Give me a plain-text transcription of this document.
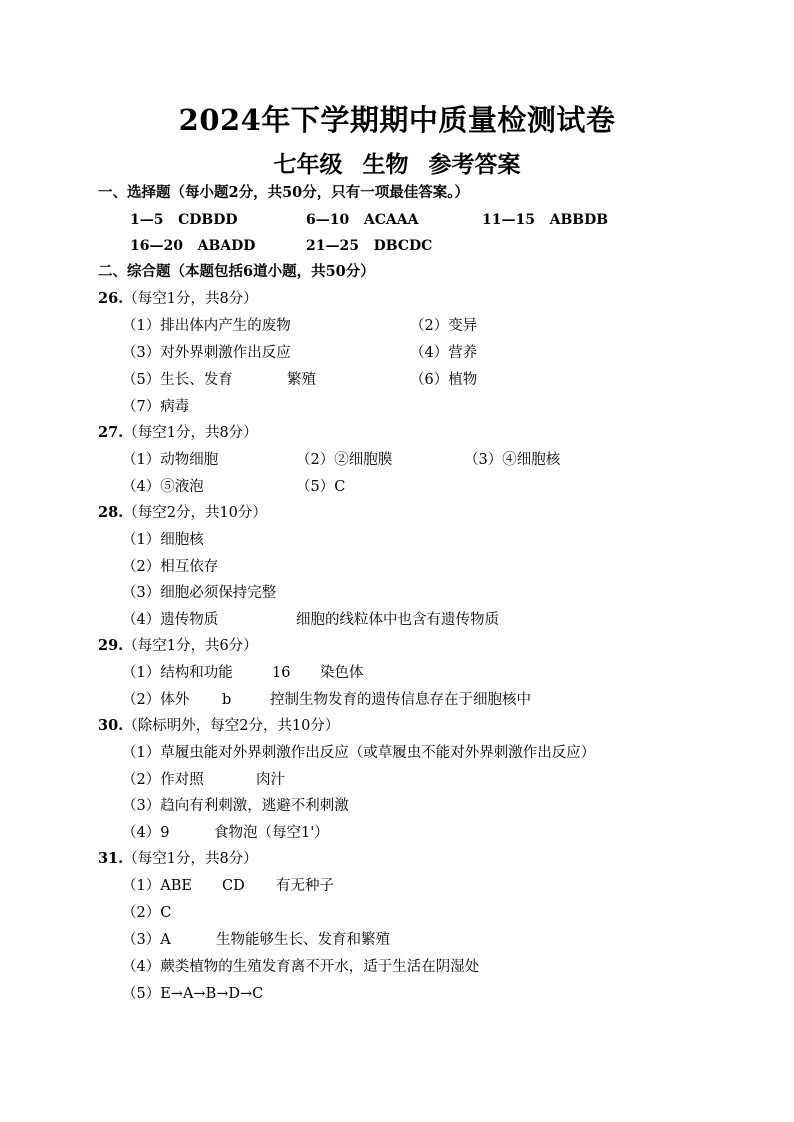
2024年下学期期中质量检测试卷
七年级 生物 参考答案
一、选择题（每小题2分，共50分，只有一项最佳答案。）
1—5 CDBDD	6—10 ACAAA	11—15 ABBDB
16—20 ABADD	21—25 DBCDC
二、综合题（本题包括6道小题，共50分）
26.（每空1分，共8分）
（1）排出体内产生的废物	（2）变异
（3）对外界刺激作出反应	（4）营养
（5）生长、发育	繁殖	（6）植物
（7）病毒
27.（每空1分，共8分）
（1）动物细胞	（2）②细胞膜	（3）④细胞核
（4）⑤液泡	（5）C
28.（每空2分，共10分）
（1）细胞核
（2）相互依存
（3）细胞必须保持完整
（4）遗传物质	细胞的线粒体中也含有遗传物质
29.（每空1分，共6分）
（1）结构和功能	16 染色体
（2）体外 b	控制生物发育的遗传信息存在于细胞核中
30.（除标明外，每空2分，共10分）
（1）草履虫能对外界刺激作出反应（或草履虫不能对外界刺激作出反应）
（2）作对照	肉汁
（3）趋向有利刺激，逃避不利刺激
（4）9	食物泡（每空1'）
31.（每空1分，共8分）
（1）ABE CD 有无种子
（2）C
（3）A	生物能够生长、发育和繁殖
（4）蕨类植物的生殖发育离不开水，适于生活在阴湿处
（5）E→A→B→D→C
